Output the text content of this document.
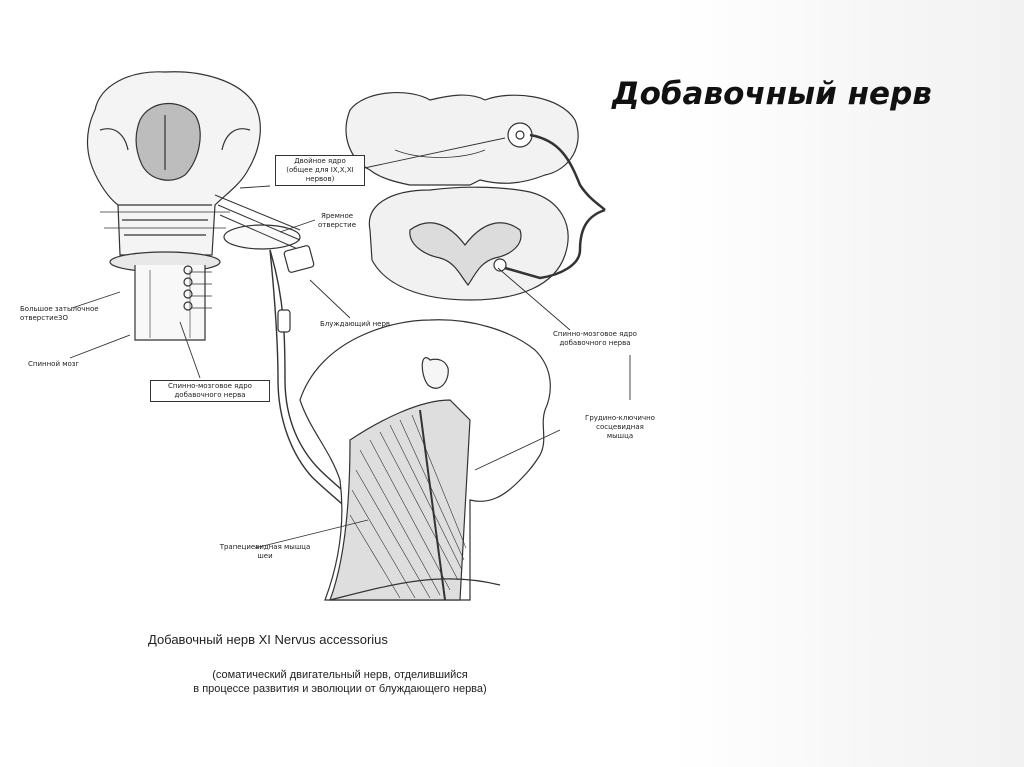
Добавочный нерв
Двойное ядро
(общее для IX,X,XI
нервов)
Яремное
отверстие
Большое затылочное
отверстие3О
Спинной мозг
Спинно-мозговое ядро
добавочного нерва
Блуждающий нерв
Спинно-мозговое ядро
добавочного нерва
Грудино-ключично
сосцевидная
мышца
Трапециевидная мышца
шеи
Добавочный нерв XI Nervus accessorius
(соматический двигательный нерв, отделившийся
в процессе развития и эволюции от блуждающего нерва)
